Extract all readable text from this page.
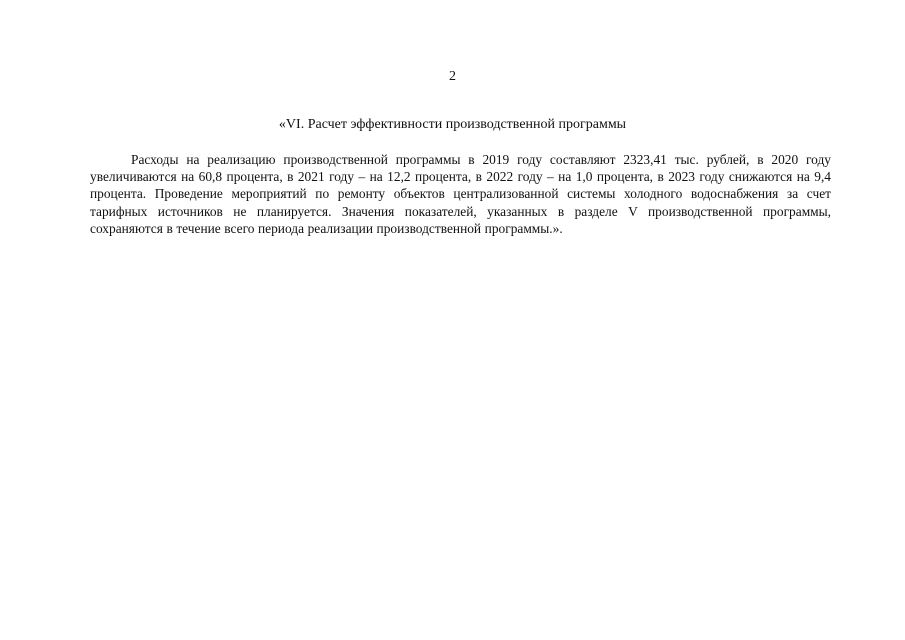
2
«VI. Расчет эффективности производственной программы

Расходы на реализацию производственной программы в 2019 году составляют 2323,41 тыс. рублей, в 2020 году увеличиваются на 60,8 процента, в 2021 году – на 12,2 процента, в 2022 году – на 1,0 процента, в 2023 году снижаются на 9,4 процента. Проведение мероприятий по ремонту объектов централизованной системы холодного водоснабжения за счет тарифных источников не планируется. Значения показателей, указанных в разделе V производственной программы, сохраняются в течение всего периода реализации производственной программы.».
